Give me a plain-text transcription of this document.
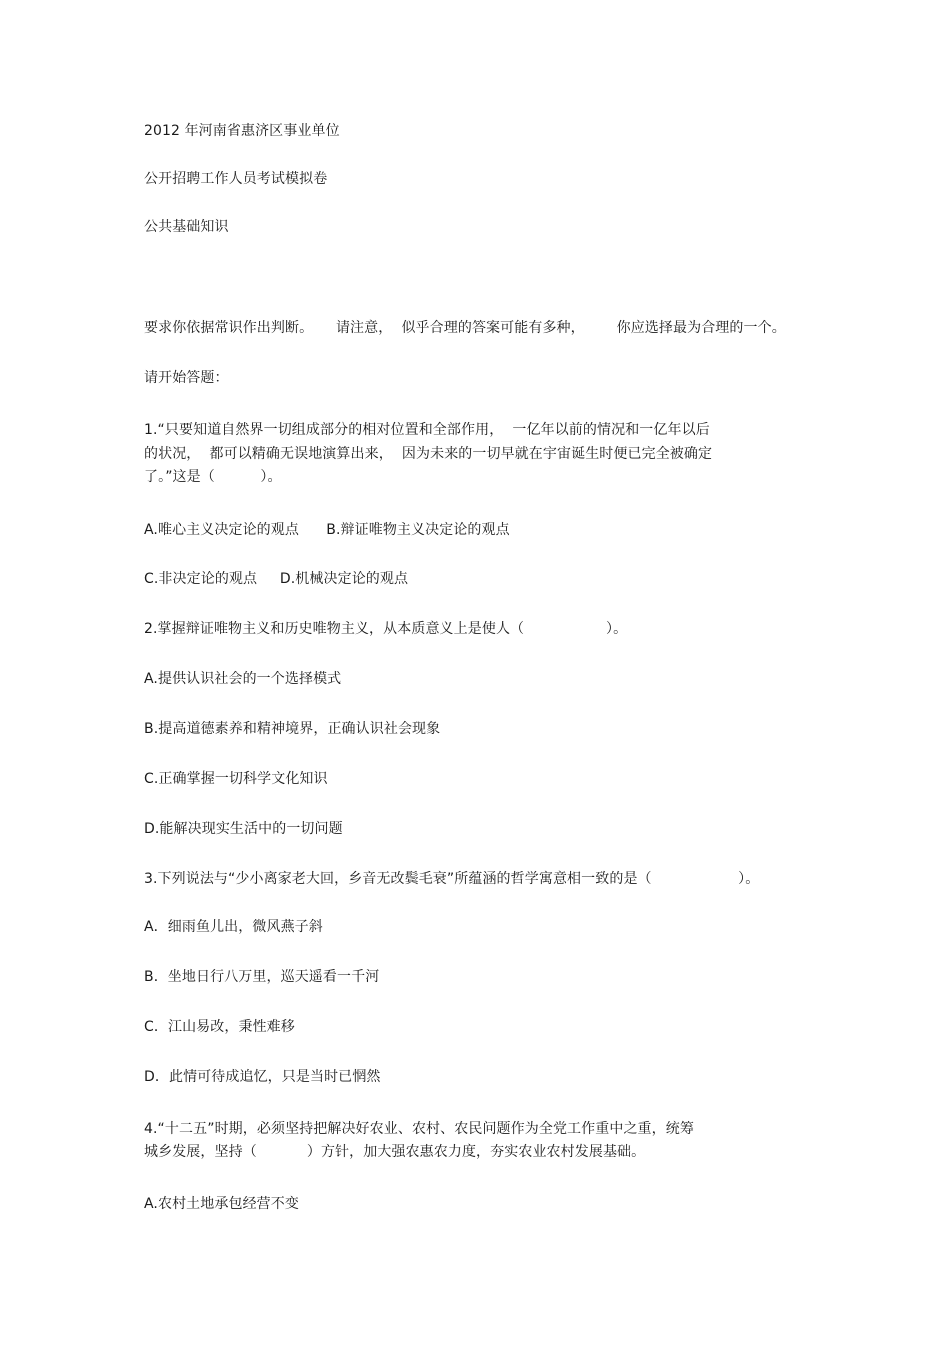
2012 年河南省惠济区事业单位
公开招聘工作人员考试模拟卷
公共基础知识
要求你依据常识作出判断。     请注意，  似乎合理的答案可能有多种，       你应选择最为合理的一个。
请开始答题：
1.“只要知道自然界一切组成部分的相对位置和全部作用，  一亿年以前的情况和一亿年以后
的状况，  都可以精确无误地演算出来，  因为未来的一切早就在宇宙诞生时便已完全被确定
了。”这是（          ）。
A.唯心主义决定论的观点      B.辩证唯物主义决定论的观点
C.非决定论的观点     D.机械决定论的观点
2.掌握辩证唯物主义和历史唯物主义，从本质意义上是使人（                  ）。
A.提供认识社会的一个选择模式
B.提高道德素养和精神境界，正确认识社会现象
C.正确掌握一切科学文化知识
D.能解决现实生活中的一切问题
3.下列说法与“少小离家老大回，乡音无改鬓毛衰”所蕴涵的哲学寓意相一致的是（                   ）。
A．细雨鱼儿出，微风燕子斜
B．坐地日行八万里，巡天遥看一千河
C．江山易改，秉性难移
D．此情可待成追忆，只是当时已惘然
4.“十二五”时期，必须坚持把解决好农业、农村、农民问题作为全党工作重中之重，统筹
城乡发展，坚持（           ）方针，加大强农惠农力度，夯实农业农村发展基础。
A.农村土地承包经营不变
